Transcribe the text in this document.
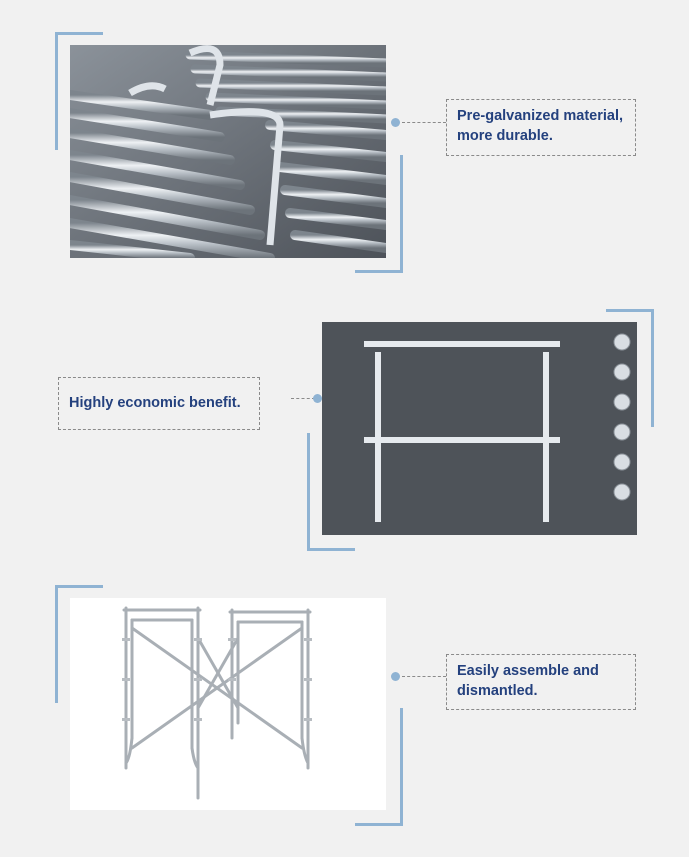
Pre-galvanized material,
more durable.
Highly economic benefit.
Easily assemble and
dismantled.
